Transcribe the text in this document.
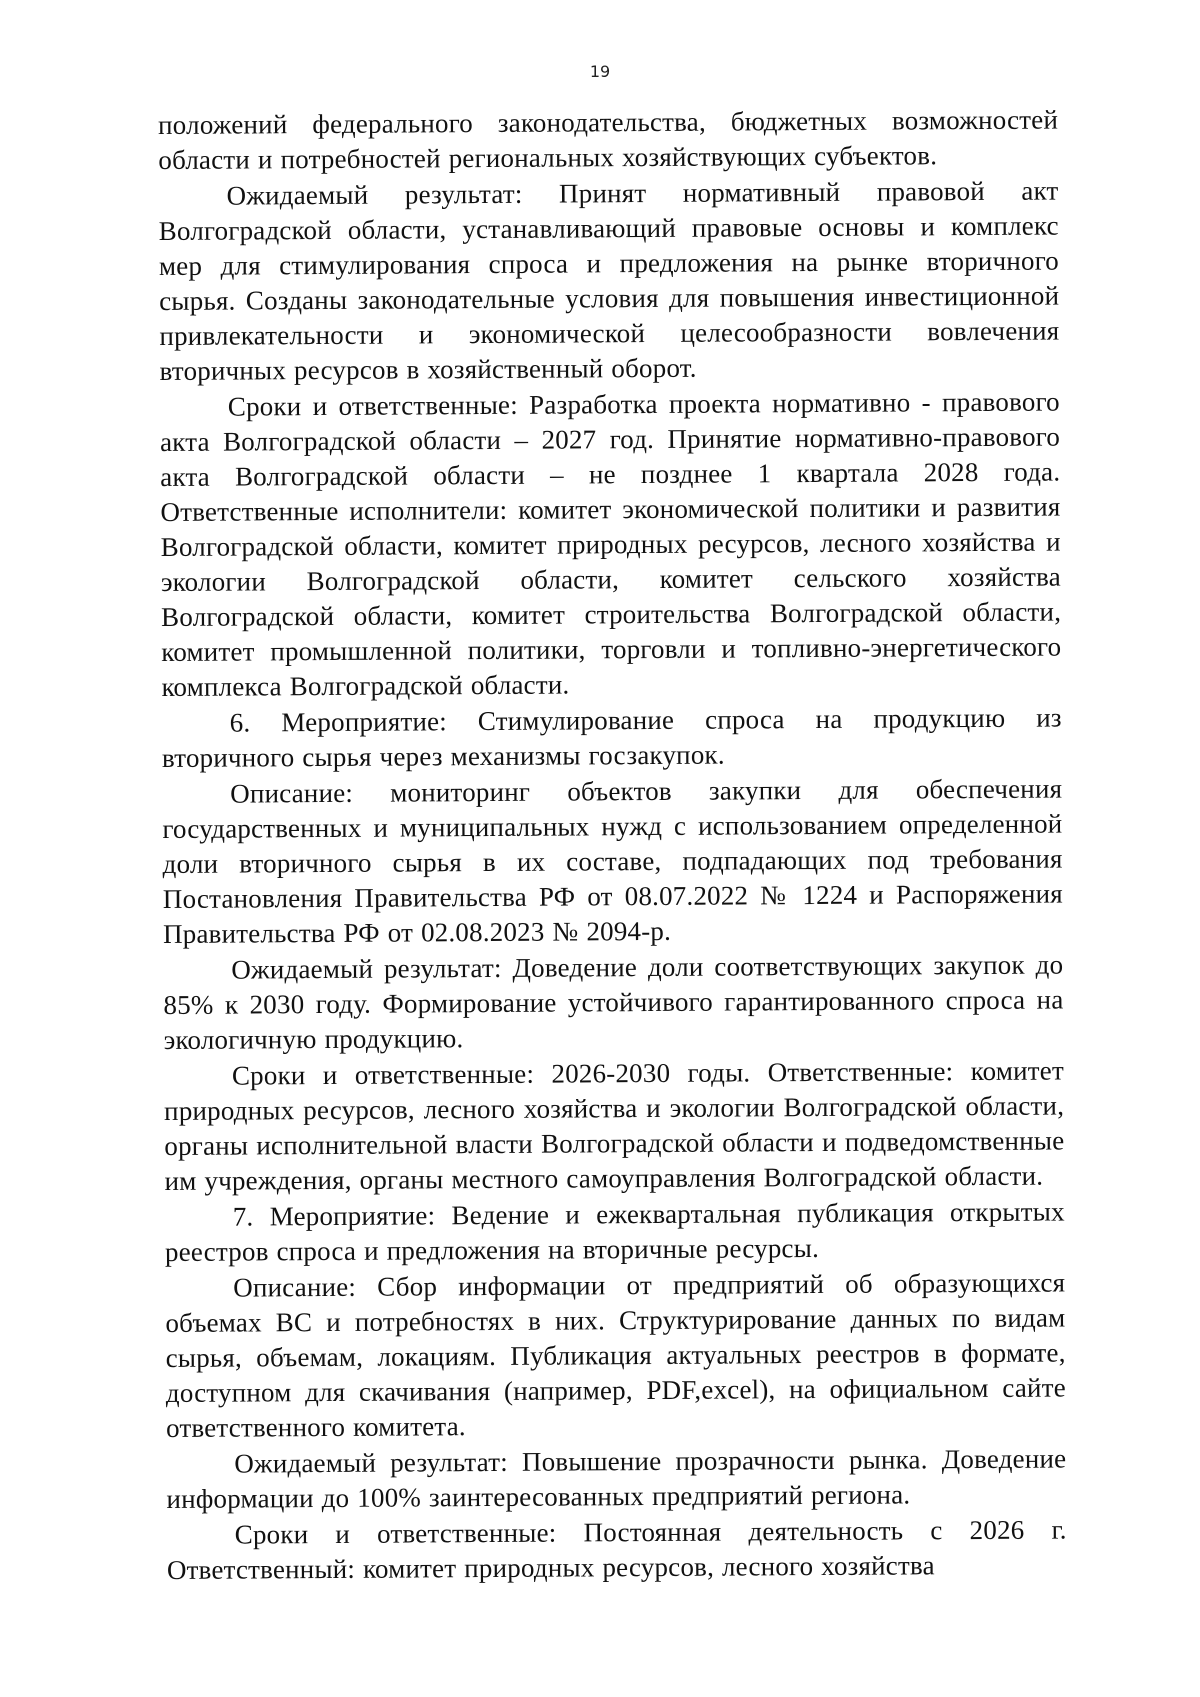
19

положений федерального законодательства, бюджетных возможностей области и потребностей региональных хозяйствующих субъектов.

Ожидаемый результат: Принят нормативный правовой акт Волгоградской области, устанавливающий правовые основы и комплекс мер для стимулирования спроса и предложения на рынке вторичного сырья. Созданы законодательные условия для повышения инвестиционной привлекательности и экономической целесообразности вовлечения вторичных ресурсов в хозяйственный оборот.

Сроки и ответственные: Разработка проекта нормативно - правового акта Волгоградской области – 2027 год. Принятие нормативно-правового акта Волгоградской области – не позднее 1 квартала 2028 года. Ответственные исполнители: комитет экономической политики и развития Волгоградской области, комитет природных ресурсов, лесного хозяйства и экологии Волгоградской области, комитет сельского хозяйства Волгоградской области, комитет строительства Волгоградской области, комитет промышленной политики, торговли и топливно-энергетического комплекса Волгоградской области.

6. Мероприятие: Стимулирование спроса на продукцию из вторичного сырья через механизмы госзакупок.

Описание: мониторинг объектов закупки для обеспечения государственных и муниципальных нужд с использованием определенной доли вторичного сырья в их составе, подпадающих под требования Постановления Правительства РФ от 08.07.2022 № 1224 и Распоряжения Правительства РФ от 02.08.2023 № 2094-р.

Ожидаемый результат: Доведение доли соответствующих закупок до 85% к 2030 году. Формирование устойчивого гарантированного спроса на экологичную продукцию.

Сроки и ответственные: 2026-2030 годы. Ответственные: комитет природных ресурсов, лесного хозяйства и экологии Волгоградской области, органы исполнительной власти Волгоградской области и подведомственные им учреждения, органы местного самоуправления Волгоградской области.

7. Мероприятие: Ведение и ежеквартальная публикация открытых реестров спроса и предложения на вторичные ресурсы.

Описание: Сбор информации от предприятий об образующихся объемах ВС и потребностях в них. Структурирование данных по видам сырья, объемам, локациям. Публикация актуальных реестров в формате, доступном для скачивания (например, PDF,excel), на официальном сайте ответственного комитета.

Ожидаемый результат: Повышение прозрачности рынка. Доведение информации до 100% заинтересованных предприятий региона.

Сроки и ответственные: Постоянная деятельность с 2026 г. Ответственный: комитет природных ресурсов, лесного хозяйства
